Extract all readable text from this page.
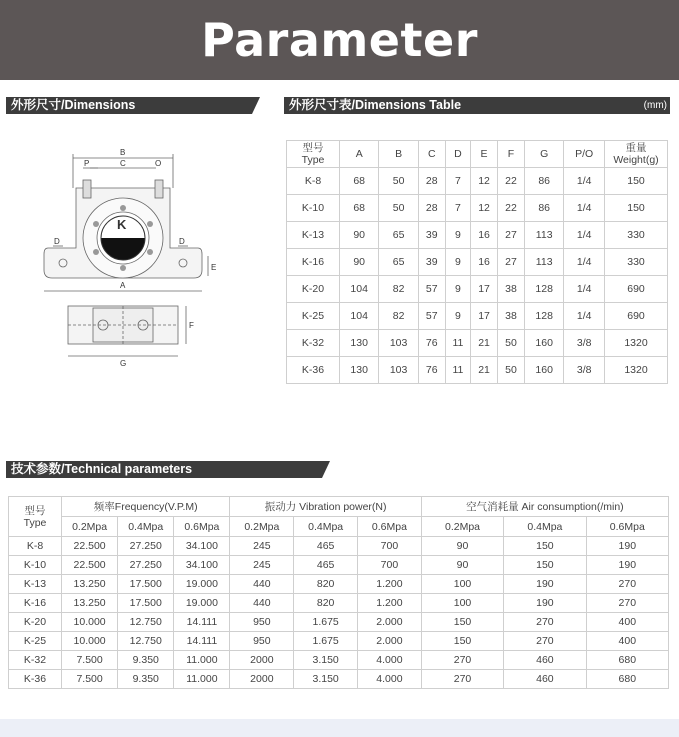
Parameter
外形尺寸/Dimensions	外形尺寸表/Dimensions Table	(mm)
B
C
P	O
K
D	D
A
E
F
G
型号
Type	A	B	C	D	E	F	G	P/O	重量
Weight(g)
K-8	68	50	28	7	12	22	86	1/4	150
K-10	68	50	28	7	12	22	86	1/4	150
K-13	90	65	39	9	16	27	113	1/4	330
K-16	90	65	39	9	16	27	113	1/4	330
K-20	104	82	57	9	17	38	128	1/4	690
K-25	104	82	57	9	17	38	128	1/4	690
K-32	130	103	76	11	21	50	160	3/8	1320
K-36	130	103	76	11	21	50	160	3/8	1320
技术参数/Technical parameters
型号
Type	频率Frequency(V.P.M)			振动力 Vibration power(N)			空气消耗量 Air consumption(/min)		
	0.2Mpa	0.4Mpa	0.6Mpa	0.2Mpa	0.4Mpa	0.6Mpa	0.2Mpa	0.4Mpa	0.6Mpa
K-8	22.500	27.250	34.100	245	465	700	90	150	190
K-10	22.500	27.250	34.100	245	465	700	90	150	190
K-13	13.250	17.500	19.000	440	820	1.200	100	190	270
K-16	13.250	17.500	19.000	440	820	1.200	100	190	270
K-20	10.000	12.750	14.111	950	1.675	2.000	150	270	400
K-25	10.000	12.750	14.111	950	1.675	2.000	150	270	400
K-32	7.500	9.350	11.000	2000	3.150	4.000	270	460	680
K-36	7.500	9.350	11.000	2000	3.150	4.000	270	460	680
